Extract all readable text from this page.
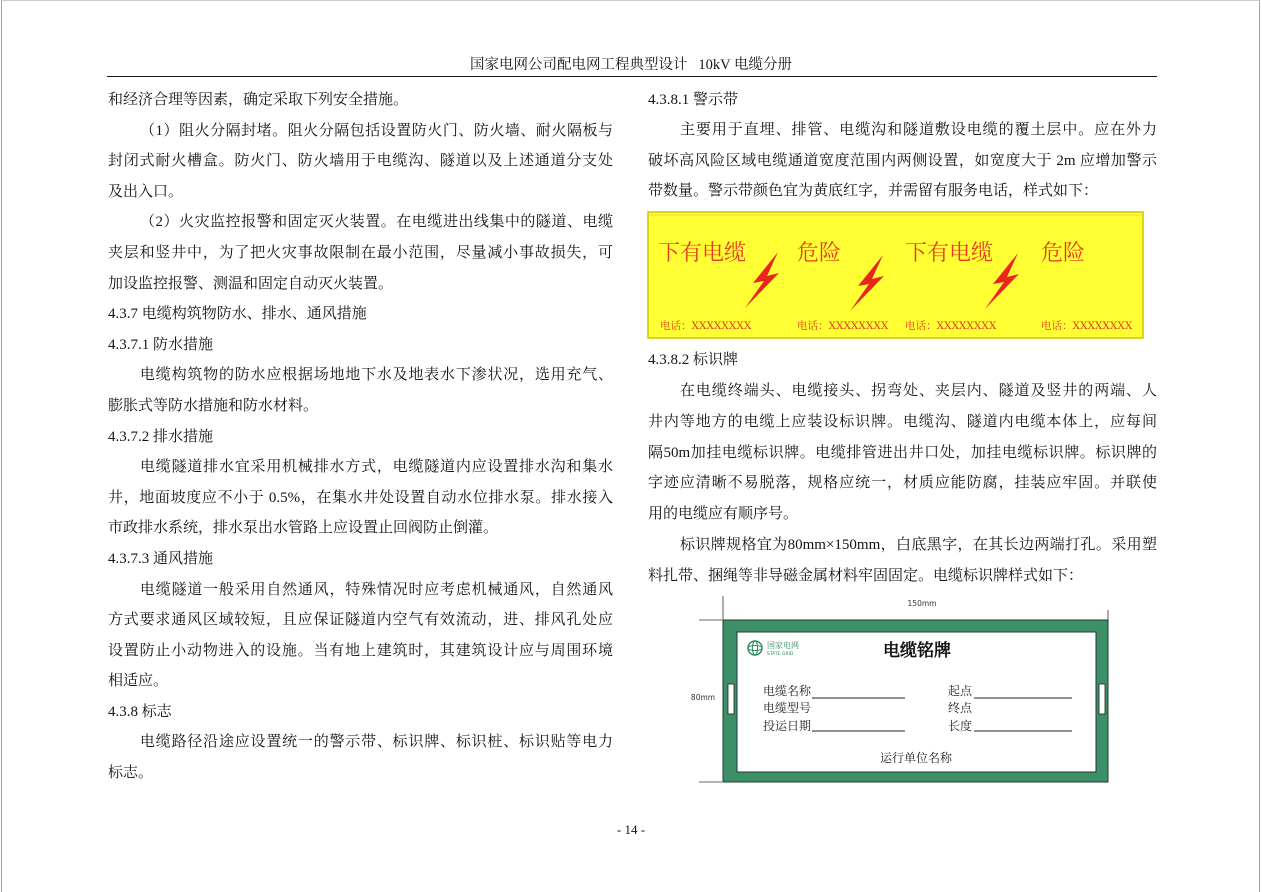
国家电网公司配电网工程典型设计   10kV 电缆分册
和经济合理等因素，确定采取下列安全措施。
（1）阻火分隔封堵。阻火分隔包括设置防火门、防火墙、耐火隔板与
封闭式耐火槽盒。防火门、防火墙用于电缆沟、隧道以及上述通道分支处
及出入口。
（2）火灾监控报警和固定灭火装置。在电缆进出线集中的隧道、电缆
夹层和竖井中，为了把火灾事故限制在最小范围，尽量减小事故损失，可
加设监控报警、测温和固定自动灭火装置。
4.3.7 电缆构筑物防水、排水、通风措施
4.3.7.1 防水措施
电缆构筑物的防水应根据场地地下水及地表水下渗状况，选用充气、
膨胀式等防水措施和防水材料。
4.3.7.2 排水措施
电缆隧道排水宜采用机械排水方式，电缆隧道内应设置排水沟和集水
井，地面坡度应不小于 0.5%，在集水井处设置自动水位排水泵。排水接入
市政排水系统，排水泵出水管路上应设置止回阀防止倒灌。
4.3.7.3 通风措施
电缆隧道一般采用自然通风，特殊情况时应考虑机械通风，自然通风
方式要求通风区域较短，且应保证隧道内空气有效流动，进、排风孔处应
设置防止小动物进入的设施。当有地上建筑时，其建筑设计应与周围环境
相适应。
4.3.8 标志
电缆路径沿途应设置统一的警示带、标识牌、标识桩、标识贴等电力
标志。
4.3.8.1 警示带
主要用于直埋、排管、电缆沟和隧道敷设电缆的覆土层中。应在外力
破坏高风险区域电缆通道宽度范围内两侧设置，如宽度大于 2m 应增加警示
带数量。警示带颜色宜为黄底红字，并需留有服务电话，样式如下：
下有电缆 危险	下有电缆 危险
电话：XXXXXXXX	电话：XXXXXXXX 电话：XXXXXXXX	电话：XXXXXXXX
4.3.8.2 标识牌
在电缆终端头、电缆接头、拐弯处、夹层内、隧道及竖井的两端、人
井内等地方的电缆上应装设标识牌。电缆沟、隧道内电缆本体上，应每间
隔50m加挂电缆标识牌。电缆排管进出井口处，加挂电缆标识牌。标识牌的
字迹应清晰不易脱落，规格应统一，材质应能防腐，挂装应牢固。并联使
用的电缆应有顺序号。
标识牌规格宜为80mm×150mm，白底黑字，在其长边两端打孔。采用塑
料扎带、捆绳等非导磁金属材料牢固固定。电缆标识牌样式如下：
150mm
80mm
国家电网
STATE GRID	电缆铭牌
电缆名称
电缆型号
投运日期
起点
终点
长度
运行单位名称
- 14 -
